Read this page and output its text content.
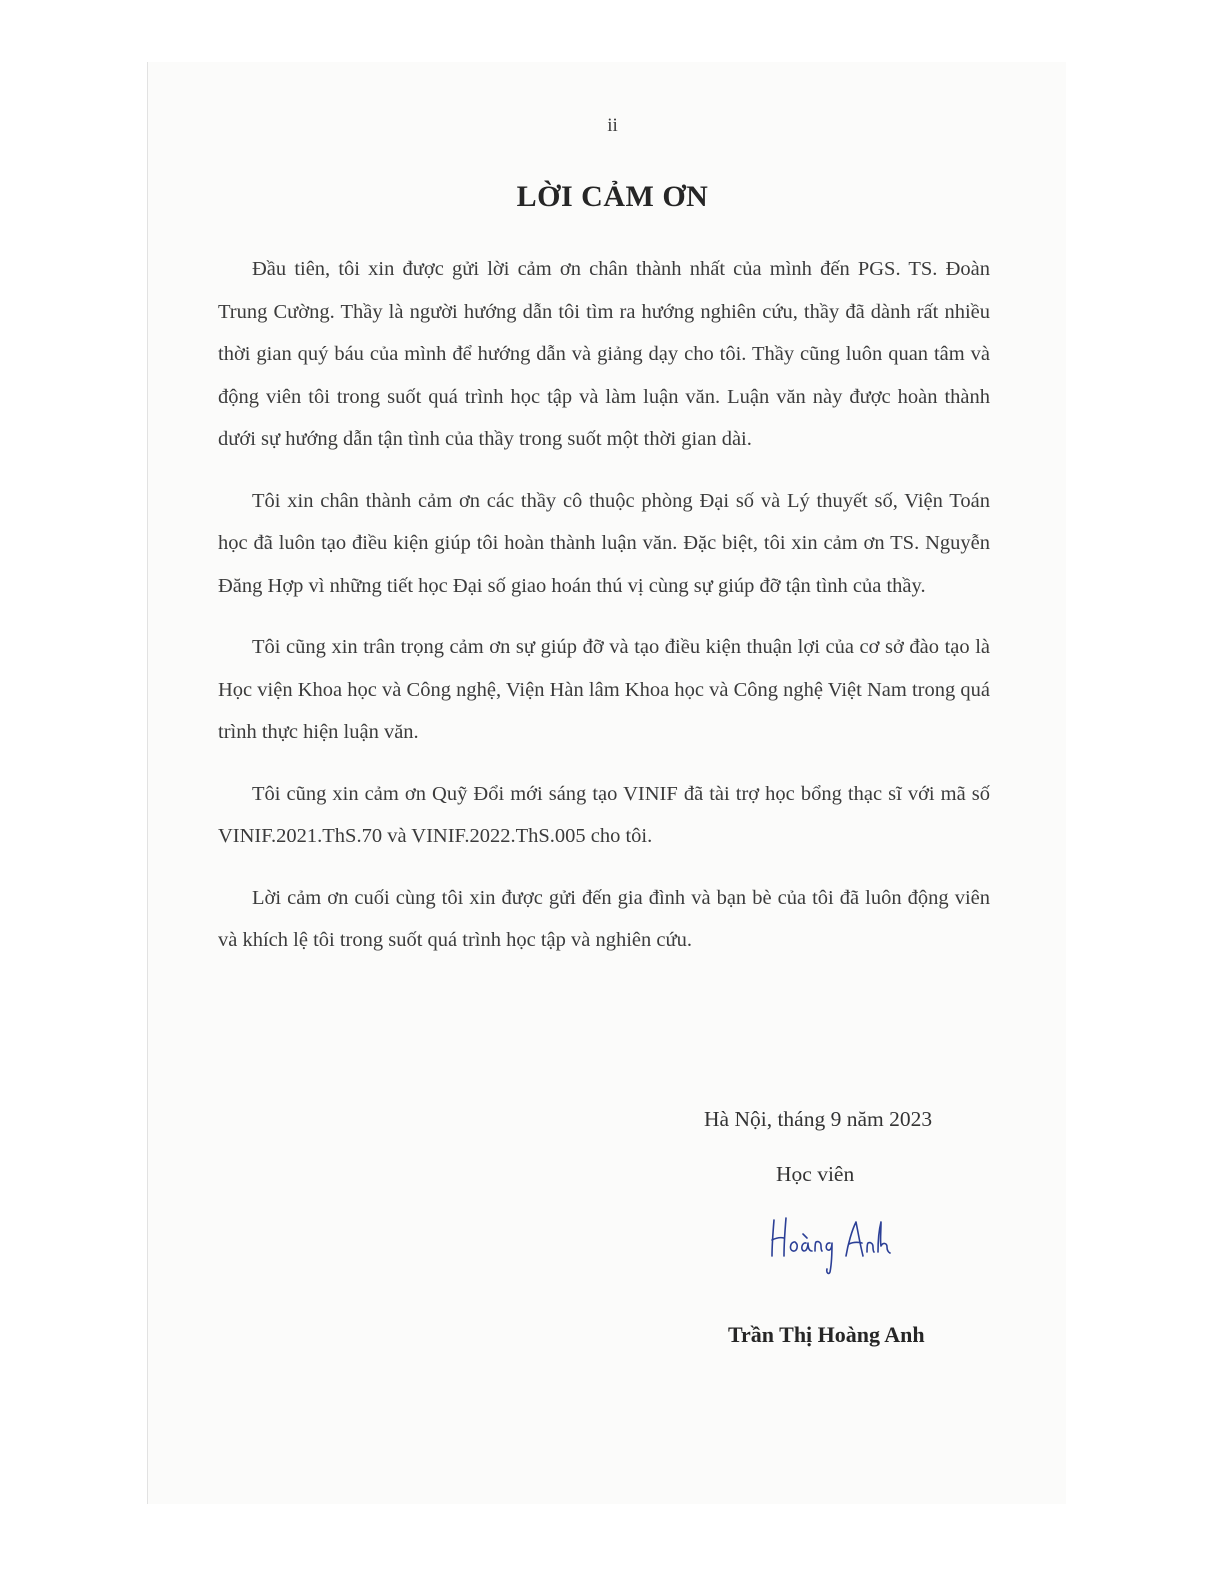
ii
LỜI CẢM ƠN

Đầu tiên, tôi xin được gửi lời cảm ơn chân thành nhất của mình đến PGS. TS. Đoàn Trung Cường. Thầy là người hướng dẫn tôi tìm ra hướng nghiên cứu, thầy đã dành rất nhiều thời gian quý báu của mình để hướng dẫn và giảng dạy cho tôi. Thầy cũng luôn quan tâm và động viên tôi trong suốt quá trình học tập và làm luận văn. Luận văn này được hoàn thành dưới sự hướng dẫn tận tình của thầy trong suốt một thời gian dài.

Tôi xin chân thành cảm ơn các thầy cô thuộc phòng Đại số và Lý thuyết số, Viện Toán học đã luôn tạo điều kiện giúp tôi hoàn thành luận văn. Đặc biệt, tôi xin cảm ơn TS. Nguyễn Đăng Hợp vì những tiết học Đại số giao hoán thú vị cùng sự giúp đỡ tận tình của thầy.

Tôi cũng xin trân trọng cảm ơn sự giúp đỡ và tạo điều kiện thuận lợi của cơ sở đào tạo là Học viện Khoa học và Công nghệ, Viện Hàn lâm Khoa học và Công nghệ Việt Nam trong quá trình thực hiện luận văn.

Tôi cũng xin cảm ơn Quỹ Đổi mới sáng tạo VINIF đã tài trợ học bổng thạc sĩ với mã số VINIF.2021.ThS.70 và VINIF.2022.ThS.005 cho tôi.

Lời cảm ơn cuối cùng tôi xin được gửi đến gia đình và bạn bè của tôi đã luôn động viên và khích lệ tôi trong suốt quá trình học tập và nghiên cứu.

Hà Nội, tháng 9 năm 2023
Học viên
Trần Thị Hoàng Anh
